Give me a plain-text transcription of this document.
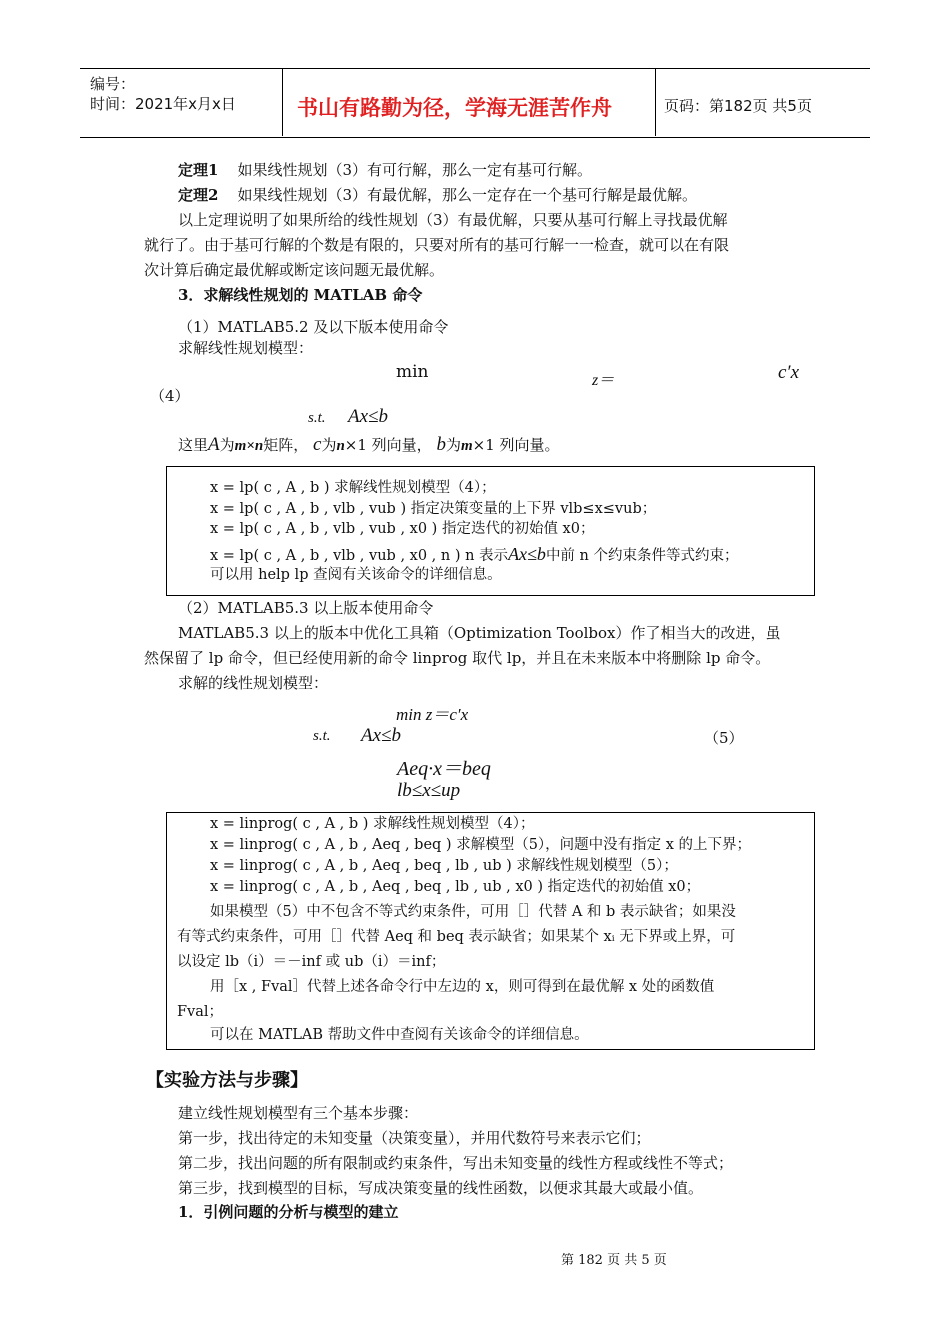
编号：
时间：2021年x月x日	书山有路勤为径，学海无涯苦作舟	页码：第182页 共5页
定理1 如果线性规划（3）有可行解，那么一定有基可行解。
定理2 如果线性规划（3）有最优解，那么一定存在一个基可行解是最优解。
以上定理说明了如果所给的线性规划（3）有最优解，只要从基可行解上寻找最优解
就行了。由于基可行解的个数是有限的，只要对所有的基可行解一一检查，就可以在有限
次计算后确定最优解或断定该问题无最优解。
3．求解线性规划的 MATLAB 命令
（1）MATLAB5.2 及以下版本使用命令
求解线性规划模型：
min	z＝	c′x
（4）
s.t. Ax≤b
这里A为m×n矩阵， c为n×1 列向量， b为m×1 列向量。
x = lp( c , A , b ) 求解线性规划模型（4）；
x = lp( c , A , b , vlb , vub ) 指定决策变量的上下界 vlb≤x≤vub；
x = lp( c , A , b , vlb , vub , x0 ) 指定迭代的初始值 x0；
x = lp( c , A , b , vlb , vub , x0 , n ) n 表示Ax≤b中前 n 个约束条件等式约束；
可以用 help lp 查阅有关该命令的详细信息。
（2）MATLAB5.3 以上版本使用命令
MATLAB5.3 以上的版本中优化工具箱（Optimization Toolbox）作了相当大的改进，虽
然保留了 lp 命令，但已经使用新的命令 linprog 取代 lp，并且在未来版本中将删除 lp 命令。
求解的线性规划模型：
min z＝c′x
s.t. Ax≤b	（5）
Aeq·x＝beq
lb≤x≤up
x = linprog( c , A , b ) 求解线性规划模型（4）；
x = linprog( c , A , b , Aeq , beq ) 求解模型（5），问题中没有指定 x 的上下界；
x = linprog( c , A , b , Aeq , beq , lb , ub ) 求解线性规划模型（5）；
x = linprog( c , A , b , Aeq , beq , lb , ub , x0 ) 指定迭代的初始值 x0；
如果模型（5）中不包含不等式约束条件，可用［］代替 A 和 b 表示缺省；如果没
有等式约束条件，可用［］代替 Aeq 和 beq 表示缺省；如果某个 xᵢ 无下界或上界，可
以设定 lb（i）＝－inf 或 ub（i）＝inf；
用［x , Fval］代替上述各命令行中左边的 x，则可得到在最优解 x 处的函数值
Fval；
可以在 MATLAB 帮助文件中查阅有关该命令的详细信息。
【实验方法与步骤】
建立线性规划模型有三个基本步骤：
第一步，找出待定的未知变量（决策变量），并用代数符号来表示它们；
第二步，找出问题的所有限制或约束条件，写出未知变量的线性方程或线性不等式；
第三步，找到模型的目标，写成决策变量的线性函数，以便求其最大或最小值。
1．引例问题的分析与模型的建立
第 182 页 共 5 页
